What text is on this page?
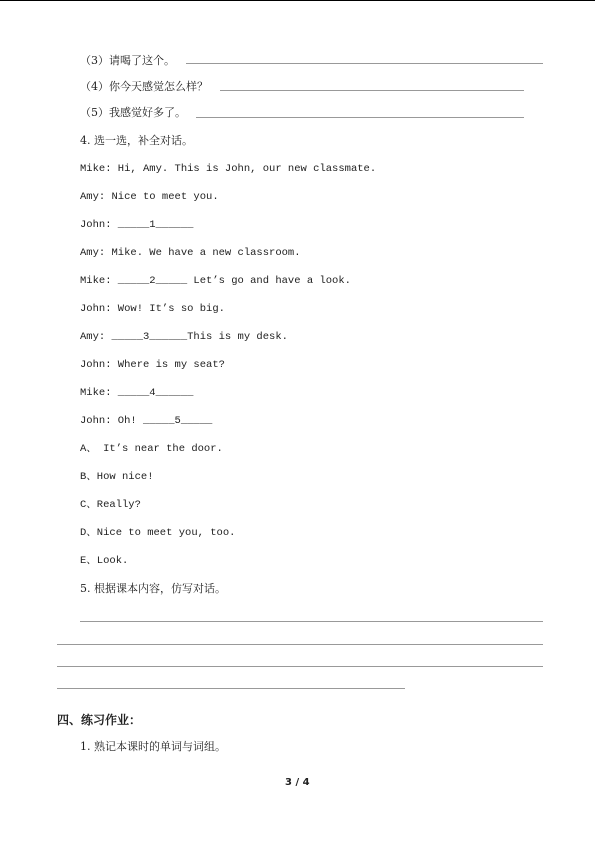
（3）请喝了这个。
（4）你今天感觉怎么样？
（5）我感觉好多了。
4. 选一选，补全对话。
Mike: Hi, Amy. This is John, our new classmate.
Amy: Nice to meet you.
John: _____1______
Amy: Mike. We have a new classroom.
Mike: _____2_____ Let’s go and have a look.
John: Wow! It’s so big.
Amy: _____3______This is my desk.
John: Where is my seat?
Mike: _____4______
John: Oh! _____5_____
A、 It’s near the door.
B、How nice!
C、Really?
D、Nice to meet you, too.
E、Look.
5. 根据课本内容，仿写对话。
四、练习作业：
1. 熟记本课时的单词与词组。
3 / 4
